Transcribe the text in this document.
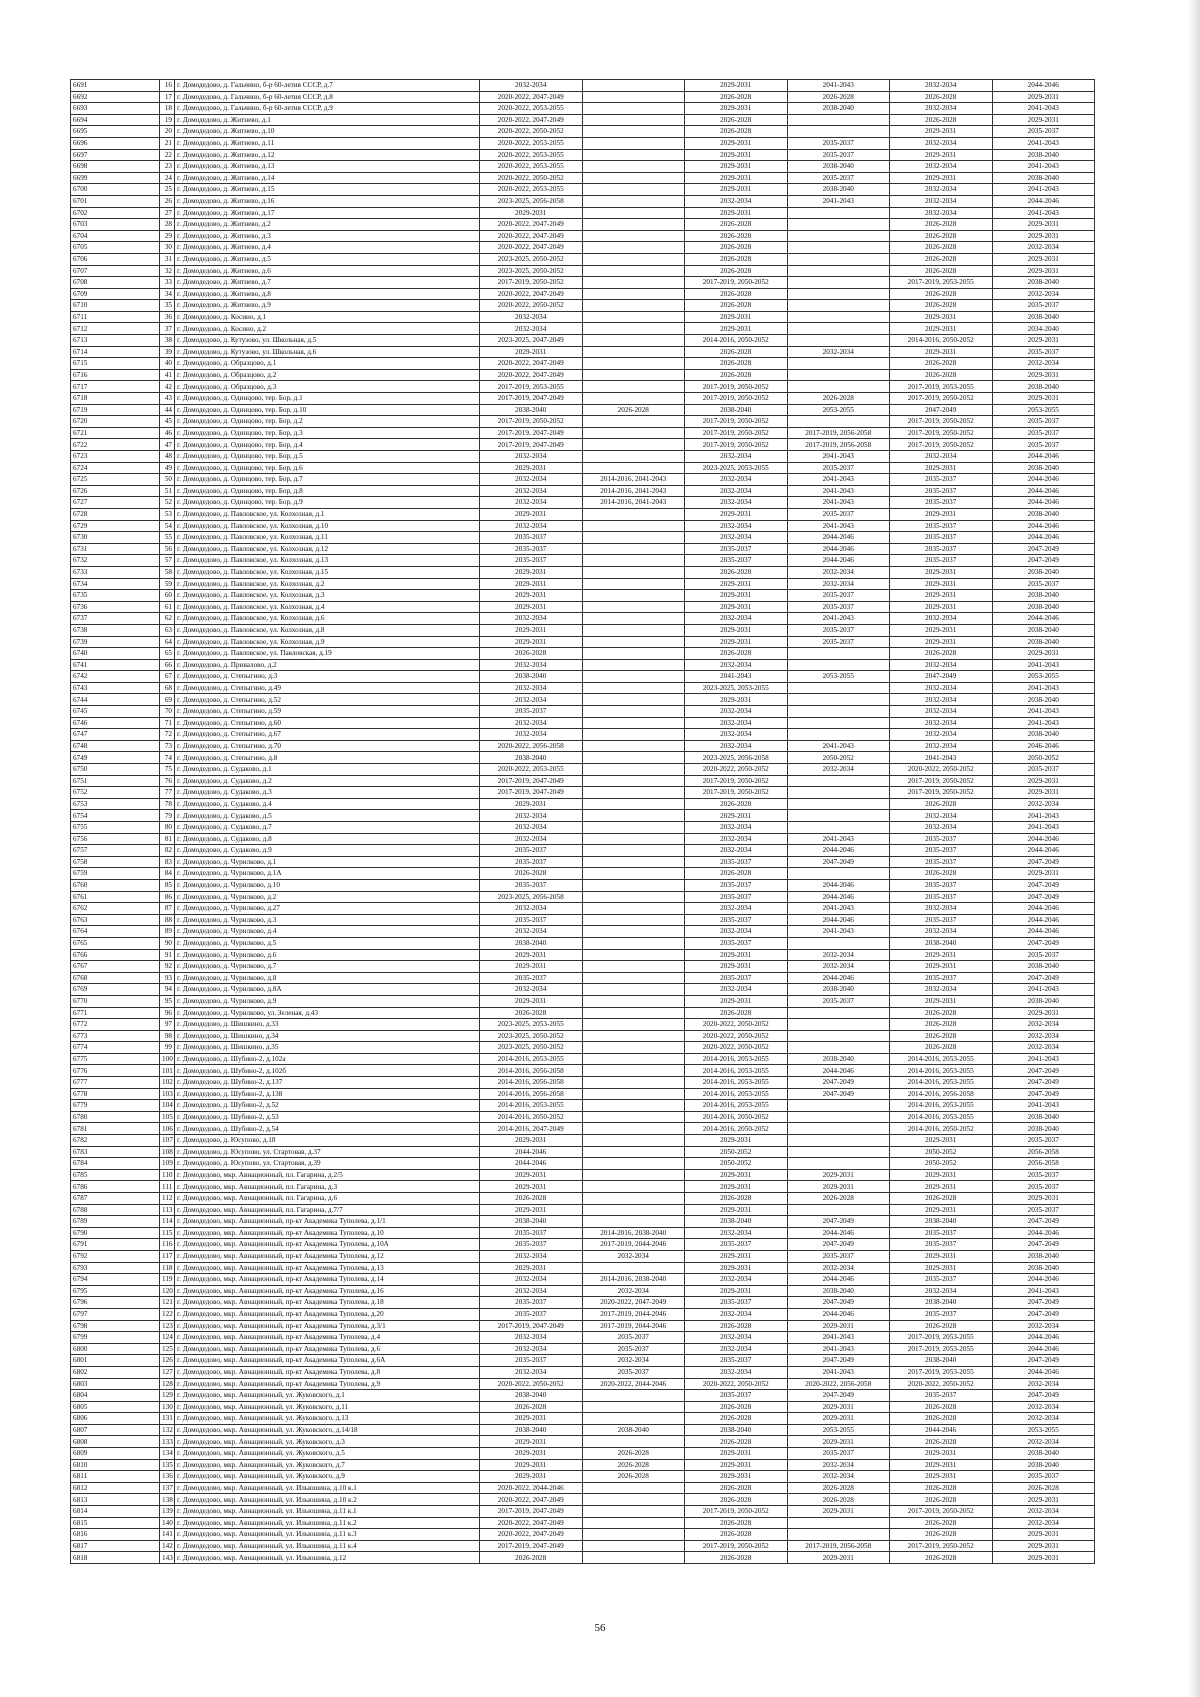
6691	16	г. Домодедово, д. Гальчино, б-р 60-летия СССР, д.7	2032-2034		2029-2031	2041-2043	2032-2034	2044-2046
6692	17	г. Домодедово, д. Гальчино, б-р 60-летия СССР, д.8	2020-2022, 2047-2049		2026-2028	2026-2028	2026-2028	2029-2031
6693	18	г. Домодедово, д. Гальчино, б-р 60-летия СССР, д.9	2020-2022, 2053-2055		2029-2031	2038-2040	2032-2034	2041-2043
6694	19	г. Домодедово, д. Житнево, д.1	2020-2022, 2047-2049		2026-2028		2026-2028	2029-2031
6695	20	г. Домодедово, д. Житнево, д.10	2020-2022, 2050-2052		2026-2028		2029-2031	2035-2037
6696	21	г. Домодедово, д. Житнево, д.11	2020-2022, 2053-2055		2029-2031	2035-2037	2032-2034	2041-2043
6697	22	г. Домодедово, д. Житнево, д.12	2020-2022, 2053-2055		2029-2031	2035-2037	2029-2031	2038-2040
6698	23	г. Домодедово, д. Житнево, д.13	2020-2022, 2053-2055		2029-2031	2038-2040	2032-2034	2041-2043
6699	24	г. Домодедово, д. Житнево, д.14	2020-2022, 2050-2052		2029-2031	2035-2037	2029-2031	2038-2040
6700	25	г. Домодедово, д. Житнево, д.15	2020-2022, 2053-2055		2029-2031	2038-2040	2032-2034	2041-2043
6701	26	г. Домодедово, д. Житнево, д.16	2023-2025, 2056-2058		2032-2034	2041-2043	2032-2034	2044-2046
6702	27	г. Домодедово, д. Житнево, д.17	2029-2031		2029-2031		2032-2034	2041-2043
6703	28	г. Домодедово, д. Житнево, д.2	2020-2022, 2047-2049		2026-2028		2026-2028	2029-2031
6704	29	г. Домодедово, д. Житнево, д.3	2020-2022, 2047-2049		2026-2028		2026-2028	2029-2031
6705	30	г. Домодедово, д. Житнево, д.4	2020-2022, 2047-2049		2026-2028		2026-2028	2032-2034
6706	31	г. Домодедово, д. Житнево, д.5	2023-2025, 2050-2052		2026-2028		2026-2028	2029-2031
6707	32	г. Домодедово, д. Житнево, д.6	2023-2025, 2050-2052		2026-2028		2026-2028	2029-2031
6708	33	г. Домодедово, д. Житнево, д.7	2017-2019, 2050-2052		2017-2019, 2050-2052		2017-2019, 2053-2055	2038-2040
6709	34	г. Домодедово, д. Житнево, д.8	2020-2022, 2047-2049		2026-2028		2026-2028	2032-2034
6710	35	г. Домодедово, д. Житнево, д.9	2020-2022, 2050-2052		2026-2028		2026-2028	2035-2037
6711	36	г. Домодедово, д. Косино, д.1	2032-2034		2029-2031		2029-2031	2038-2040
6712	37	г. Домодедово, д. Косино, д.2	2032-2034		2029-2031		2029-2031	2034-2040
6713	38	г. Домодедово, д. Кутузово, ул. Школьная, д.5	2023-2025, 2047-2049		2014-2016, 2050-2052		2014-2016, 2050-2052	2029-2031
6714	39	г. Домодедово, д. Кутузово, ул. Школьная, д.6	2029-2031		2026-2028	2032-2034	2029-2031	2035-2037
6715	40	г. Домодедово, д. Образцово, д.1	2020-2022, 2047-2049		2026-2028		2026-2028	2032-2034
6716	41	г. Домодедово, д. Образцово, д.2	2020-2022, 2047-2049		2026-2028		2026-2028	2029-2031
6717	42	г. Домодедово, д. Образцово, д.3	2017-2019, 2053-2055		2017-2019, 2050-2052		2017-2019, 2053-2055	2038-2040
6718	43	г. Домодедово, д. Одинцово, тер. Бор, д.1	2017-2019, 2047-2049		2017-2019, 2050-2052	2026-2028	2017-2019, 2050-2052	2029-2031
6719	44	г. Домодедово, д. Одинцово, тер. Бор, д.10	2038-2040	2026-2028	2038-2040	2053-2055	2047-2049	2053-2055
6720	45	г. Домодедово, д. Одинцово, тер. Бор, д.2	2017-2019, 2050-2052		2017-2019, 2050-2052		2017-2019, 2050-2052	2035-2037
6721	46	г. Домодедово, д. Одинцово, тер. Бор, д.3	2017-2019, 2047-2049		2017-2019, 2050-2052	2017-2019, 2056-2058	2017-2019, 2050-2052	2035-2037
6722	47	г. Домодедово, д. Одинцово, тер. Бор, д.4	2017-2019, 2047-2049		2017-2019, 2050-2052	2017-2019, 2056-2058	2017-2019, 2050-2052	2035-2037
6723	48	г. Домодедово, д. Одинцово, тер. Бор, д.5	2032-2034		2032-2034	2041-2043	2032-2034	2044-2046
6724	49	г. Домодедово, д. Одинцово, тер. Бор, д.6	2029-2031		2023-2025, 2053-2055	2035-2037	2029-2031	2038-2040
6725	50	г. Домодедово, д. Одинцово, тер. Бор, д.7	2032-2034	2014-2016, 2041-2043	2032-2034	2041-2043	2035-2037	2044-2046
6726	51	г. Домодедово, д. Одинцово, тер. Бор, д.8	2032-2034	2014-2016, 2041-2043	2032-2034	2041-2043	2035-2037	2044-2046
6727	52	г. Домодедово, д. Одинцово, тер. Бор, д.9	2032-2034	2014-2016, 2041-2043	2032-2034	2041-2043	2035-2037	2044-2046
6728	53	г. Домодедово, д. Павловское, ул. Колхозная, д.1	2029-2031		2029-2031	2035-2037	2029-2031	2038-2040
6729	54	г. Домодедово, д. Павловское, ул. Колхозная, д.10	2032-2034		2032-2034	2041-2043	2035-2037	2044-2046
6730	55	г. Домодедово, д. Павловское, ул. Колхозная, д.11	2035-2037		2032-2034	2044-2046	2035-2037	2044-2046
6731	56	г. Домодедово, д. Павловское, ул. Колхозная, д.12	2035-2037		2035-2037	2044-2046	2035-2037	2047-2049
6732	57	г. Домодедово, д. Павловское, ул. Колхозная, д.13	2035-2037		2035-2037	2044-2046	2035-2037	2047-2049
6733	58	г. Домодедово, д. Павловское, ул. Колхозная, д.15	2029-2031		2026-2028	2032-2034	2029-2031	2038-2040
6734	59	г. Домодедово, д. Павловское, ул. Колхозная, д.2	2029-2031		2029-2031	2032-2034	2029-2031	2035-2037
6735	60	г. Домодедово, д. Павловское, ул. Колхозная, д.3	2029-2031		2029-2031	2035-2037	2029-2031	2038-2040
6736	61	г. Домодедово, д. Павловское, ул. Колхозная, д.4	2029-2031		2029-2031	2035-2037	2029-2031	2038-2040
6737	62	г. Домодедово, д. Павловское, ул. Колхозная, д.6	2032-2034		2032-2034	2041-2043	2032-2034	2044-2046
6738	63	г. Домодедово, д. Павловское, ул. Колхозная, д.8	2029-2031		2029-2031	2035-2037	2029-2031	2038-2040
6739	64	г. Домодедово, д. Павловское, ул. Колхозная, д.9	2029-2031		2029-2031	2035-2037	2029-2031	2038-2040
6740	65	г. Домодедово, д. Павловское, ул. Павловская, д.19	2026-2028		2026-2028		2026-2028	2029-2031
6741	66	г. Домодедово, д. Привалово, д.2	2032-2034		2032-2034		2032-2034	2041-2043
6742	67	г. Домодедово, д. Степыгино, д.3	2038-2040		2041-2043	2053-2055	2047-2049	2053-2055
6743	68	г. Домодедово, д. Степыгино, д.49	2032-2034		2023-2025, 2053-2055		2032-2034	2041-2043
6744	69	г. Домодедово, д. Степыгино, д.52	2032-2034		2029-2031		2032-2034	2038-2040
6745	70	г. Домодедово, д. Степыгино, д.59	2035-2037		2032-2034		2032-2034	2041-2043
6746	71	г. Домодедово, д. Степыгино, д.60	2032-2034		2032-2034		2032-2034	2041-2043
6747	72	г. Домодедово, д. Степыгино, д.67	2032-2034		2032-2034		2032-2034	2038-2040
6748	73	г. Домодедово, д. Степыгино, д.70	2020-2022, 2056-2058		2032-2034	2041-2043	2032-2034	2046-2046
6749	74	г. Домодедово, д. Степыгино, д.8	2038-2040		2023-2025, 2056-2058	2050-2052	2041-2043	2050-2052
6750	75	г. Домодедово, д. Судаково, д.1	2020-2022, 2053-2055		2020-2022, 2050-2052	2032-2034	2020-2022, 2050-2052	2035-2037
6751	76	г. Домодедово, д. Судаково, д.2	2017-2019, 2047-2049		2017-2019, 2050-2052		2017-2019, 2050-2052	2029-2031
6752	77	г. Домодедово, д. Судаково, д.3	2017-2019, 2047-2049		2017-2019, 2050-2052		2017-2019, 2050-2052	2029-2031
6753	78	г. Домодедово, д. Судаково, д.4	2029-2031		2026-2028		2026-2028	2032-2034
6754	79	г. Домодедово, д. Судаково, д.5	2032-2034		2029-2031		2032-2034	2041-2043
6755	80	г. Домодедово, д. Судаково, д.7	2032-2034		2032-2034		2032-2034	2041-2043
6756	81	г. Домодедово, д. Судаково, д.8	2032-2034		2032-2034	2041-2043	2035-2037	2044-2046
6757	82	г. Домодедово, д. Судаково, д.9	2035-2037		2032-2034	2044-2046	2035-2037	2044-2046
6758	83	г. Домодедово, д. Чурилково, д.1	2035-2037		2035-2037	2047-2049	2035-2037	2047-2049
6759	84	г. Домодедово, д. Чурилково, д.1А	2026-2028		2026-2028		2026-2028	2029-2031
6760	85	г. Домодедово, д. Чурилково, д.10	2035-2037		2035-2037	2044-2046	2035-2037	2047-2049
6761	86	г. Домодедово, д. Чурилково, д.2	2023-2025, 2056-2058		2035-2037	2044-2046	2035-2037	2047-2049
6762	87	г. Домодедово, д. Чурилково, д.27	2032-2034		2032-2034	2041-2043	2032-2034	2044-2046
6763	88	г. Домодедово, д. Чурилково, д.3	2035-2037		2035-2037	2044-2046	2035-2037	2044-2046
6764	89	г. Домодедово, д. Чурилково, д.4	2032-2034		2032-2034	2041-2043	2032-2034	2044-2046
6765	90	г. Домодедово, д. Чурилково, д.5	2038-2040		2035-2037		2038-2040	2047-2049
6766	91	г. Домодедово, д. Чурилково, д.6	2029-2031		2029-2031	2032-2034	2029-2031	2035-2037
6767	92	г. Домодедово, д. Чурилково, д.7	2029-2031		2029-2031	2032-2034	2029-2031	2038-2040
6768	93	г. Домодедово, д. Чурилково, д.8	2035-2037		2035-2037	2044-2046	2035-2037	2047-2049
6769	94	г. Домодедово, д. Чурилково, д.8А	2032-2034		2032-2034	2038-2040	2032-2034	2041-2043
6770	95	г. Домодедово, д. Чурилково, д.9	2029-2031		2029-2031	2035-2037	2029-2031	2038-2040
6771	96	г. Домодедово, д. Чурилково, ул. Зеленая, д.43	2026-2028		2026-2028		2026-2028	2029-2031
6772	97	г. Домодедово, д. Шишкино, д.33	2023-2025, 2053-2055		2020-2022, 2050-2052		2026-2028	2032-2034
6773	98	г. Домодедово, д. Шишкино, д.34	2023-2025, 2050-2052		2020-2022, 2050-2052		2026-2028	2032-2034
6774	99	г. Домодедово, д. Шишкино, д.35	2023-2025, 2050-2052		2020-2022, 2050-2052		2026-2028	2032-2034
6775	100	г. Домодедово, д. Шубино-2, д.102а	2014-2016, 2053-2055		2014-2016, 2053-2055	2038-2040	2014-2016, 2053-2055	2041-2043
6776	101	г. Домодедово, д. Шубино-2, д.102б	2014-2016, 2056-2058		2014-2016, 2053-2055	2044-2046	2014-2016, 2053-2055	2047-2049
6777	102	г. Домодедово, д. Шубино-2, д.137	2014-2016, 2056-2058		2014-2016, 2053-2055	2047-2049	2014-2016, 2053-2055	2047-2049
6778	103	г. Домодедово, д. Шубино-2, д.138	2014-2016, 2056-2058		2014-2016, 2053-2055	2047-2049	2014-2016, 2056-2058	2047-2049
6779	104	г. Домодедово, д. Шубино-2, д.52	2014-2016, 2053-2055		2014-2016, 2053-2055		2014-2016, 2053-2055	2041-2043
6780	105	г. Домодедово, д. Шубино-2, д.53	2014-2016, 2050-2052		2014-2016, 2050-2052		2014-2016, 2053-2055	2038-2040
6781	106	г. Домодедово, д. Шубино-2, д.54	2014-2016, 2047-2049		2014-2016, 2050-2052		2014-2016, 2050-2052	2038-2040
6782	107	г. Домодедово, д. Юсупово, д.18	2029-2031		2029-2031		2029-2031	2035-2037
6783	108	г. Домодедово, д. Юсупово, ул. Стартовая, д.37	2044-2046		2050-2052		2050-2052	2056-2058
6784	109	г. Домодедово, д. Юсупово, ул. Стартовая, д.39	2044-2046		2050-2052		2050-2052	2056-2058
6785	110	г. Домодедово, мкр. Авиационный, пл. Гагарина, д.2/5	2029-2031		2029-2031	2029-2031	2029-2031	2035-2037
6786	111	г. Домодедово, мкр. Авиационный, пл. Гагарина, д.3	2029-2031		2029-2031	2029-2031	2029-2031	2035-2037
6787	112	г. Домодедово, мкр. Авиационный, пл. Гагарина, д.6	2026-2028		2026-2028	2026-2028	2026-2028	2029-2031
6788	113	г. Домодедово, мкр. Авиационный, пл. Гагарина, д.7/7	2029-2031		2029-2031		2029-2031	2035-2037
6789	114	г. Домодедово, мкр. Авиационный, пр-кт Академика Туполева, д.1/1	2038-2040		2038-2040	2047-2049	2038-2040	2047-2049
6790	115	г. Домодедово, мкр. Авиационный, пр-кт Академика Туполева, д.10	2035-2037	2014-2016, 2038-2040	2032-2034	2044-2046	2035-2037	2044-2046
6791	116	г. Домодедово, мкр. Авиационный, пр-кт Академика Туполева, д.10А	2035-2037	2017-2019, 2044-2046	2035-2037	2047-2049	2035-2037	2047-2049
6792	117	г. Домодедово, мкр. Авиационный, пр-кт Академика Туполева, д.12	2032-2034	2032-2034	2029-2031	2035-2037	2029-2031	2038-2040
6793	118	г. Домодедово, мкр. Авиационный, пр-кт Академика Туполева, д.13	2029-2031		2029-2031	2032-2034	2029-2031	2038-2040
6794	119	г. Домодедово, мкр. Авиационный, пр-кт Академика Туполева, д.14	2032-2034	2014-2016, 2038-2040	2032-2034	2044-2046	2035-2037	2044-2046
6795	120	г. Домодедово, мкр. Авиационный, пр-кт Академика Туполева, д.16	2032-2034	2032-2034	2029-2031	2038-2040	2032-2034	2041-2043
6796	121	г. Домодедово, мкр. Авиационный, пр-кт Академика Туполева, д.18	2035-2037	2020-2022, 2047-2049	2035-2037	2047-2049	2038-2040	2047-2049
6797	122	г. Домодедово, мкр. Авиационный, пр-кт Академика Туполева, д.20	2035-2037	2017-2019, 2044-2046	2032-2034	2044-2046	2035-2037	2047-2049
6798	123	г. Домодедово, мкр. Авиационный, пр-кт Академика Туполева, д.3/1	2017-2019, 2047-2049	2017-2019, 2044-2046	2026-2028	2029-2031	2026-2028	2032-2034
6799	124	г. Домодедово, мкр. Авиационный, пр-кт Академика Туполева, д.4	2032-2034	2035-2037	2032-2034	2041-2043	2017-2019, 2053-2055	2044-2046
6800	125	г. Домодедово, мкр. Авиационный, пр-кт Академика Туполева, д.6	2032-2034	2035-2037	2032-2034	2041-2043	2017-2019, 2053-2055	2044-2046
6801	126	г. Домодедово, мкр. Авиационный, пр-кт Академика Туполева, д.6А	2035-2037	2032-2034	2035-2037	2047-2049	2038-2040	2047-2049
6802	127	г. Домодедово, мкр. Авиационный, пр-кт Академика Туполева, д.8	2032-2034	2035-2037	2032-2034	2041-2043	2017-2019, 2053-2055	2044-2046
6803	128	г. Домодедово, мкр. Авиационный, пр-кт Академика Туполева, д.9	2020-2022, 2050-2052	2020-2022, 2044-2046	2020-2022, 2050-2052	2020-2022, 2056-2058	2020-2022, 2050-2052	2032-2034
6804	129	г. Домодедово, мкр. Авиационный, ул. Жуковского, д.1	2038-2040		2035-2037	2047-2049	2035-2037	2047-2049
6805	130	г. Домодедово, мкр. Авиационный, ул. Жуковского, д.11	2026-2028		2026-2028	2029-2031	2026-2028	2032-2034
6806	131	г. Домодедово, мкр. Авиационный, ул. Жуковского, д.13	2029-2031		2026-2028	2029-2031	2026-2028	2032-2034
6807	132	г. Домодедово, мкр. Авиационный, ул. Жуковского, д.14/18	2038-2040	2038-2040	2038-2040	2053-2055	2044-2046	2053-2055
6808	133	г. Домодедово, мкр. Авиационный, ул. Жуковского, д.3	2029-2031		2026-2028	2029-2031	2026-2028	2032-2034
6809	134	г. Домодедово, мкр. Авиационный, ул. Жуковского, д.5	2029-2031	2026-2028	2029-2031	2035-2037	2029-2031	2038-2040
6810	135	г. Домодедово, мкр. Авиационный, ул. Жуковского, д.7	2029-2031	2026-2028	2029-2031	2032-2034	2029-2031	2038-2040
6811	136	г. Домодедово, мкр. Авиационный, ул. Жуковского, д.9	2029-2031	2026-2028	2029-2031	2032-2034	2029-2031	2035-2037
6812	137	г. Домодедово, мкр. Авиационный, ул. Ильюшина, д.10 к.1	2020-2022, 2044-2046		2026-2028	2026-2028	2026-2028	2026-2028
6813	138	г. Домодедово, мкр. Авиационный, ул. Ильюшина, д.10 к.2	2020-2022, 2047-2049		2026-2028	2026-2028	2026-2028	2029-2031
6814	139	г. Домодедово, мкр. Авиационный, ул. Ильюшина, д.11 к.1	2017-2019, 2047-2049		2017-2019, 2050-2052	2029-2031	2017-2019, 2050-2052	2032-2034
6815	140	г. Домодедово, мкр. Авиационный, ул. Ильюшина, д.11 к.2	2020-2022, 2047-2049		2026-2028		2026-2028	2032-2034
6816	141	г. Домодедово, мкр. Авиационный, ул. Ильюшина, д.11 к.3	2020-2022, 2047-2049		2026-2028		2026-2028	2029-2031
6817	142	г. Домодедово, мкр. Авиационный, ул. Ильюшина, д.11 к.4	2017-2019, 2047-2049		2017-2019, 2050-2052	2017-2019, 2056-2058	2017-2019, 2050-2052	2029-2031
6818	143	г. Домодедово, мкр. Авиационный, ул. Ильюшина, д.12	2026-2028		2026-2028	2029-2031	2026-2028	2029-2031
56
